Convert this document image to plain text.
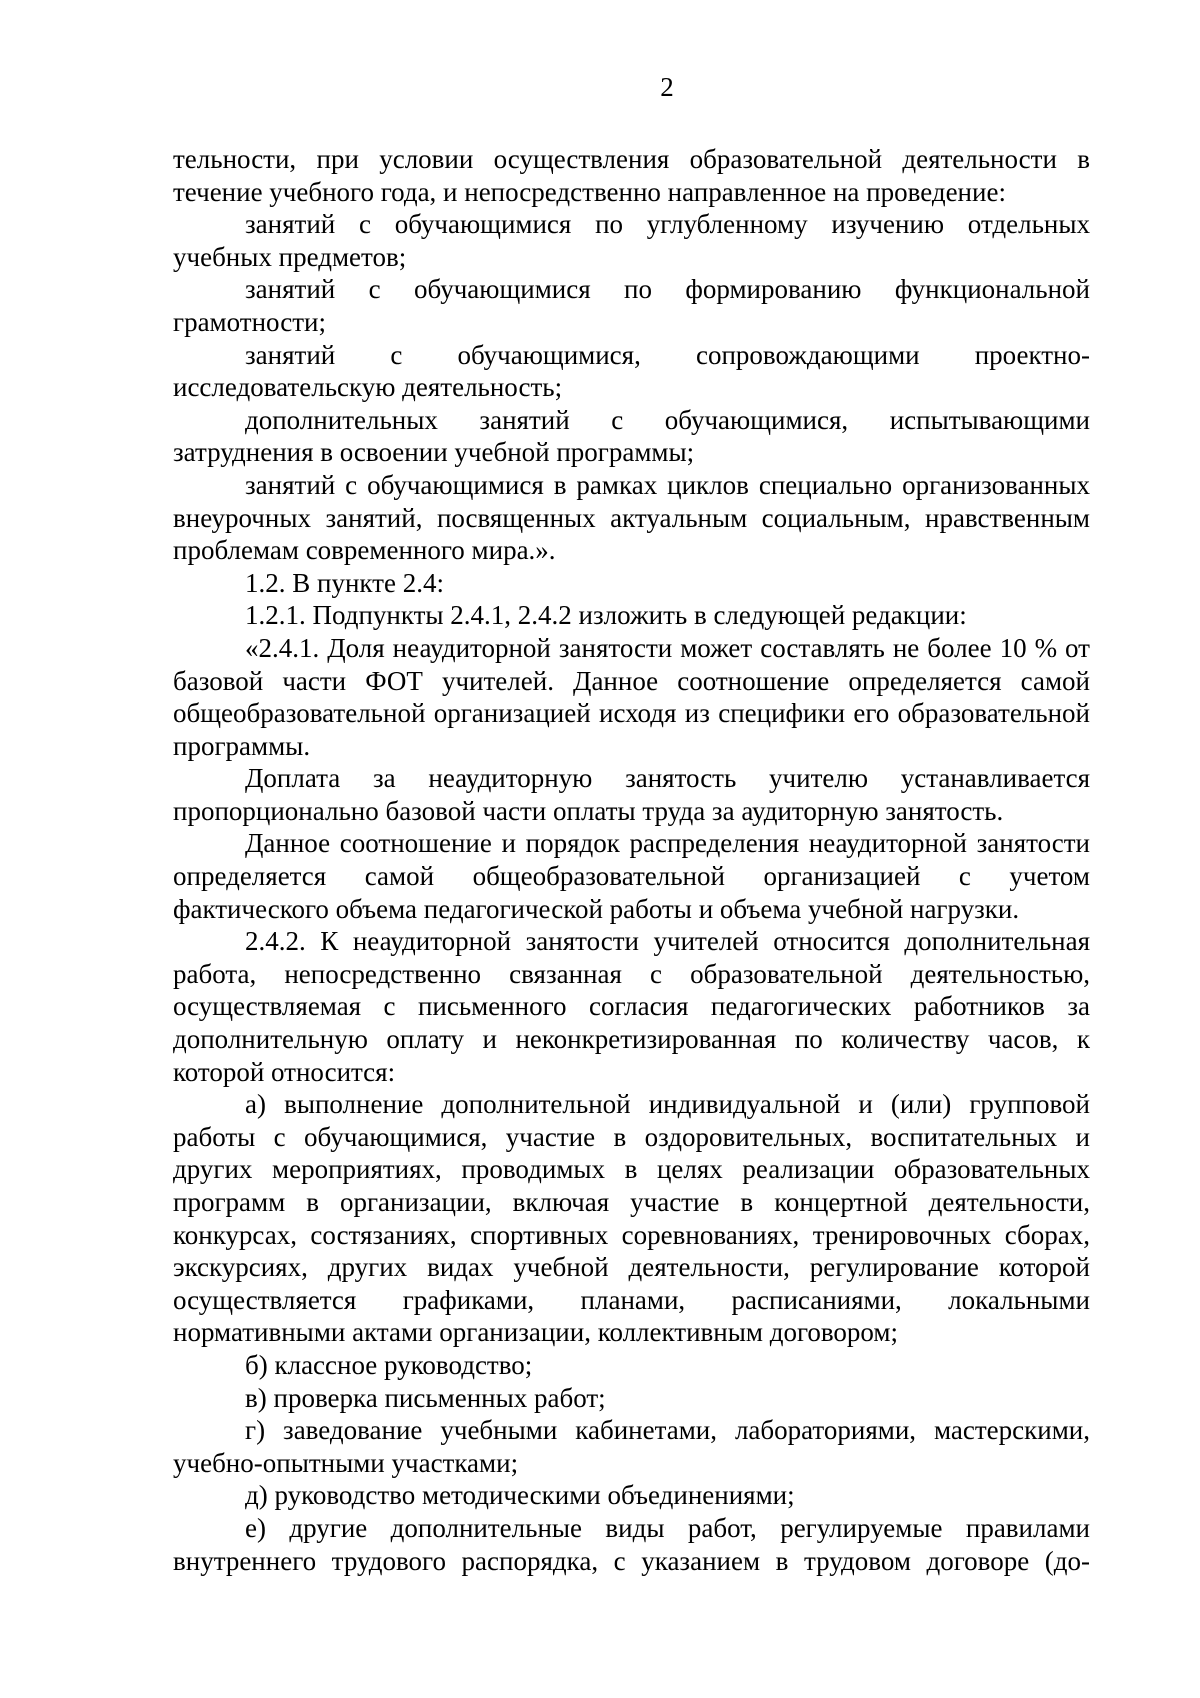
2

тельности, при условии осуществления образовательной деятельности в течение учебного года, и непосредственно направленное на проведение:

занятий с обучающимися по углубленному изучению отдельных учебных предметов;

занятий с обучающимися по формированию функциональной грамотности;

занятий с обучающимися, сопровождающими проектно-исследовательскую деятельность;

дополнительных занятий с обучающимися, испытывающими затруднения в освоении учебной программы;

занятий с обучающимися в рамках циклов специально организованных внеурочных занятий, посвященных актуальным социальным, нравственным проблемам современного мира.».

1.2. В пункте 2.4:

1.2.1. Подпункты 2.4.1, 2.4.2 изложить в следующей редакции:

«2.4.1. Доля неаудиторной занятости может составлять не более 10 % от базовой части ФОТ учителей. Данное соотношение определяется самой общеобразовательной организацией исходя из специфики его образовательной программы.

Доплата за неаудиторную занятость учителю устанавливается пропорционально базовой части оплаты труда за аудиторную занятость.

Данное соотношение и порядок распределения неаудиторной занятости определяется самой общеобразовательной организацией с учетом фактического объема педагогической работы и объема учебной нагрузки.

2.4.2. К неаудиторной занятости учителей относится дополнительная работа, непосредственно связанная с образовательной деятельностью, осуществляемая с письменного согласия педагогических работников за дополнительную оплату и неконкретизированная по количеству часов, к которой относится:

а) выполнение дополнительной индивидуальной и (или) групповой работы с обучающимися, участие в оздоровительных, воспитательных и других мероприятиях, проводимых в целях реализации образовательных программ в организации, включая участие в концертной деятельности, конкурсах, состязаниях, спортивных соревнованиях, тренировочных сборах, экскурсиях, других видах учебной деятельности, регулирование которой осуществляется графиками, планами, расписаниями, локальными нормативными актами организации, коллективным договором;

б) классное руководство;

в) проверка письменных работ;

г) заведование учебными кабинетами, лабораториями, мастерскими, учебно-опытными участками;

д) руководство методическими объединениями;

е) другие дополнительные виды работ, регулируемые правилами внутреннего трудового распорядка, с указанием в трудовом договоре (до-
